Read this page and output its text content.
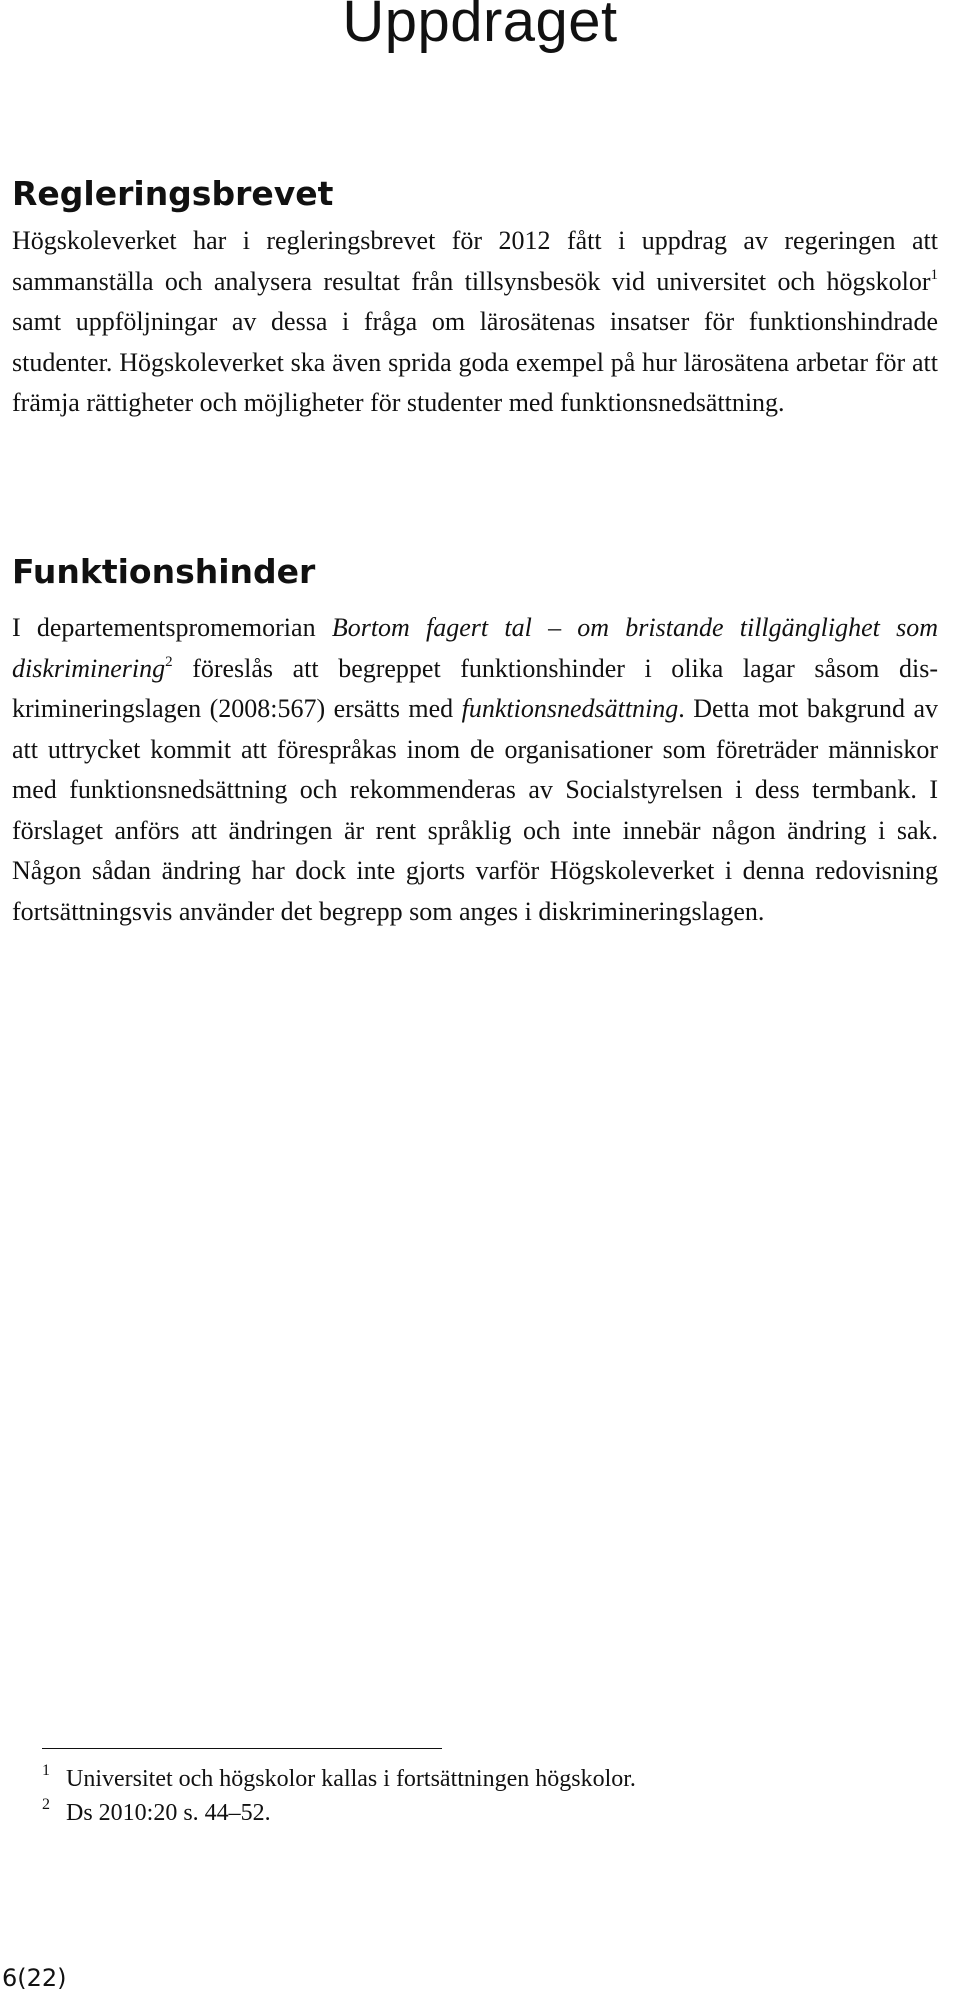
Uppdraget
Regleringsbrevet

Högskoleverket har i regleringsbrevet för 2012 fått i uppdrag av regeringen att sammanställa och analysera resultat från tillsynsbesök vid universitet och högskolor$^1$ samt uppföljningar av dessa i fråga om lärosätenas insatser för funktionshindrade studenter. Högskoleverket ska även sprida goda exempel på hur lärosätena arbetar för att främja rättigheter och möjligheter för studenter med funktionsnedsättning.

Funktionshinder

I departementspromemorian Bortom fagert tal – om bristande tillgänglighet som diskriminering$^2$ föreslås att begreppet funktionshinder i olika lagar såsom diskrimineringslagen (2008:567) ersätts med funktionsnedsättning. Detta mot bakgrund av att uttrycket kommit att förespråkas inom de organisationer som företräder människor med funktionsnedsättning och rekommenderas av Socialstyrelsen i dess termbank. I förslaget anförs att ändringen är rent språklig och inte innebär någon ändring i sak. Någon sådan ändring har dock inte gjorts varför Högskoleverket i denna redovisning fortsättningsvis använder det begrepp som anges i diskrimineringslagen.

1 Universitet och högskolor kallas i fortsättningen högskolor.
2 Ds 2010:20 s. 44–52.

6(22)
